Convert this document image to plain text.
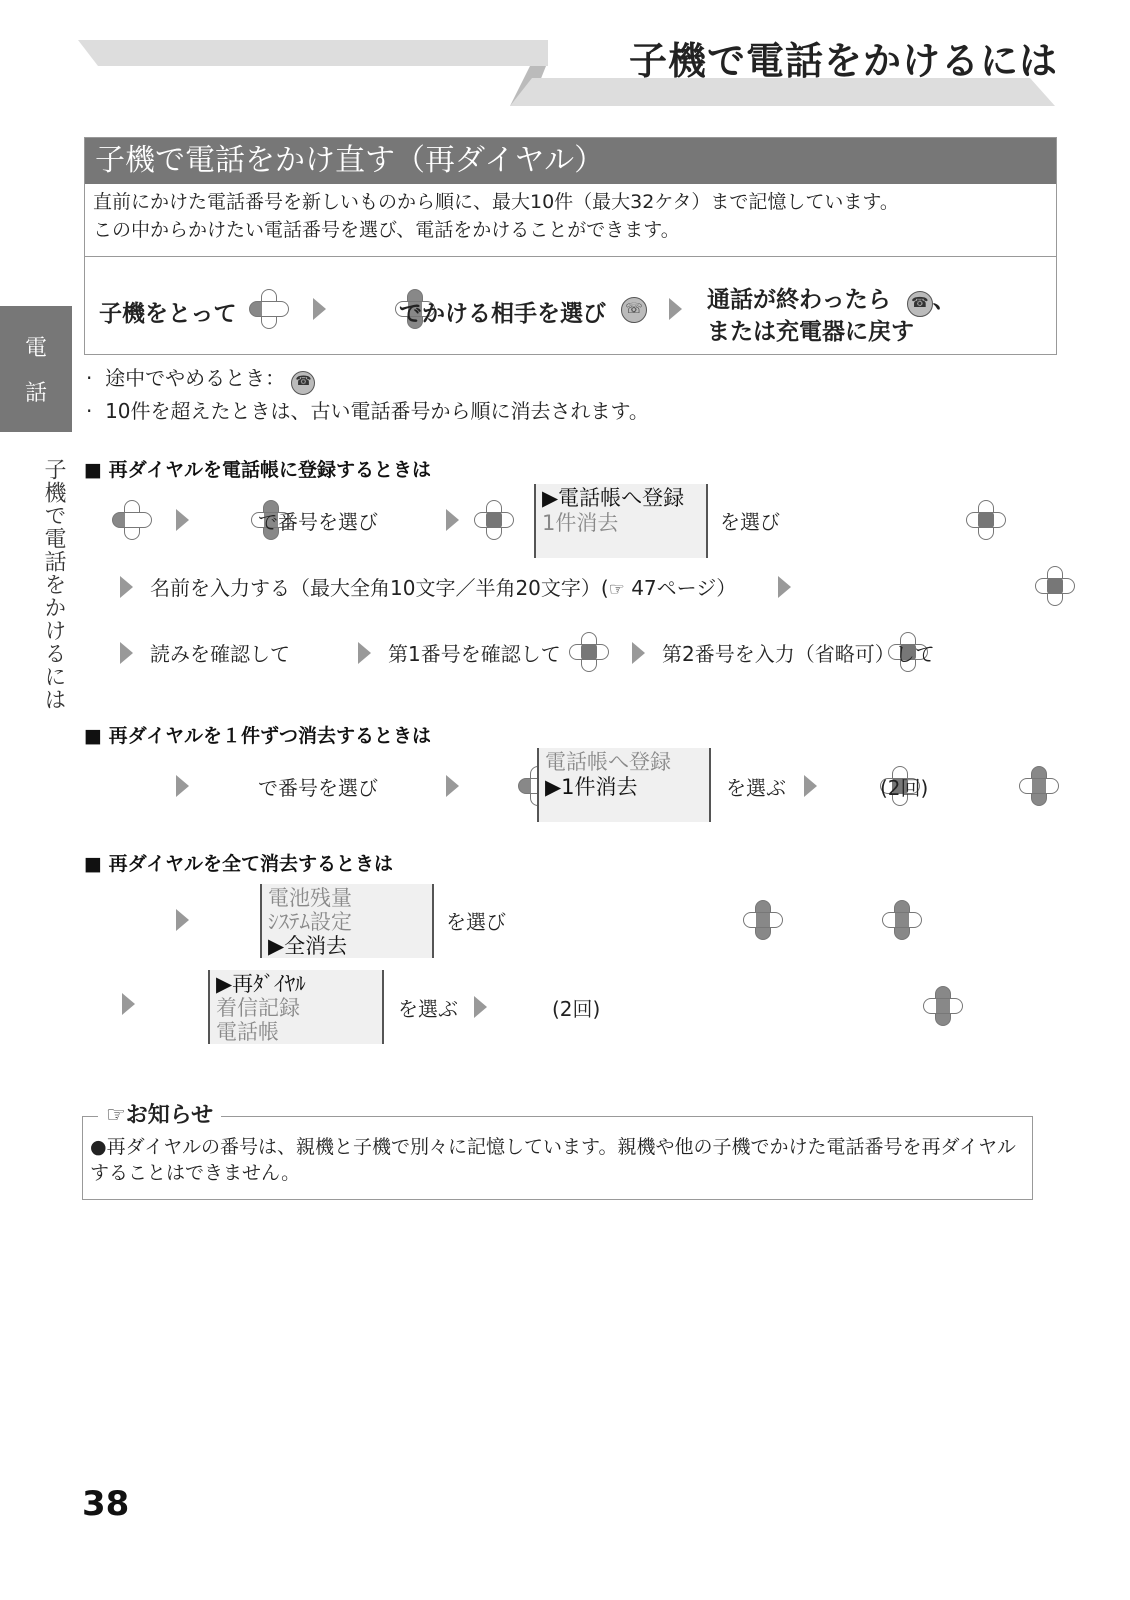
子機で電話をかけるには
電
話
子機で電話をかけるには
子機で電話をかけ直す（再ダイヤル）
直前にかけた電話番号を新しいものから順に、最大10件（最大32ケタ）まで記憶しています。
この中からかけたい電話番号を選び、電話をかけることができます。
子機をとって
	でかける相手を選び	☏	通話が終わったら ☎ 、
または充電器に戻す
· 途中でやめるとき： ☎
· 10件を超えたときは、古い電話番号から順に消去されます。
■ 再ダイヤルを電話帳に登録するときは

で番号を選び

▶電話帳へ登録
1件消去	を選び

名前を入力する（最大全角10文字／半角20文字）(☞ 47ページ）

読みを確認して
	第1番号を確認して
	第2番号を入力（省略可）して

■ 再ダイヤルを１件ずつ消去するときは

で番号を選び

電話帳へ登録
▶1件消去	を選ぶ
	(2回)
■ 再ダイヤルを全て消去するときは

電池残量
ｼｽﾃﾑ設定
▶全消去
を選び

▶再ﾀﾞｲﾔﾙ
着信記録
電話帳
を選ぶ	(2回)
☞お知らせ
●再ダイヤルの番号は、親機と子機で別々に記憶しています。親機や他の子機でかけた電話番号を再ダイヤルすることはできません。
38
